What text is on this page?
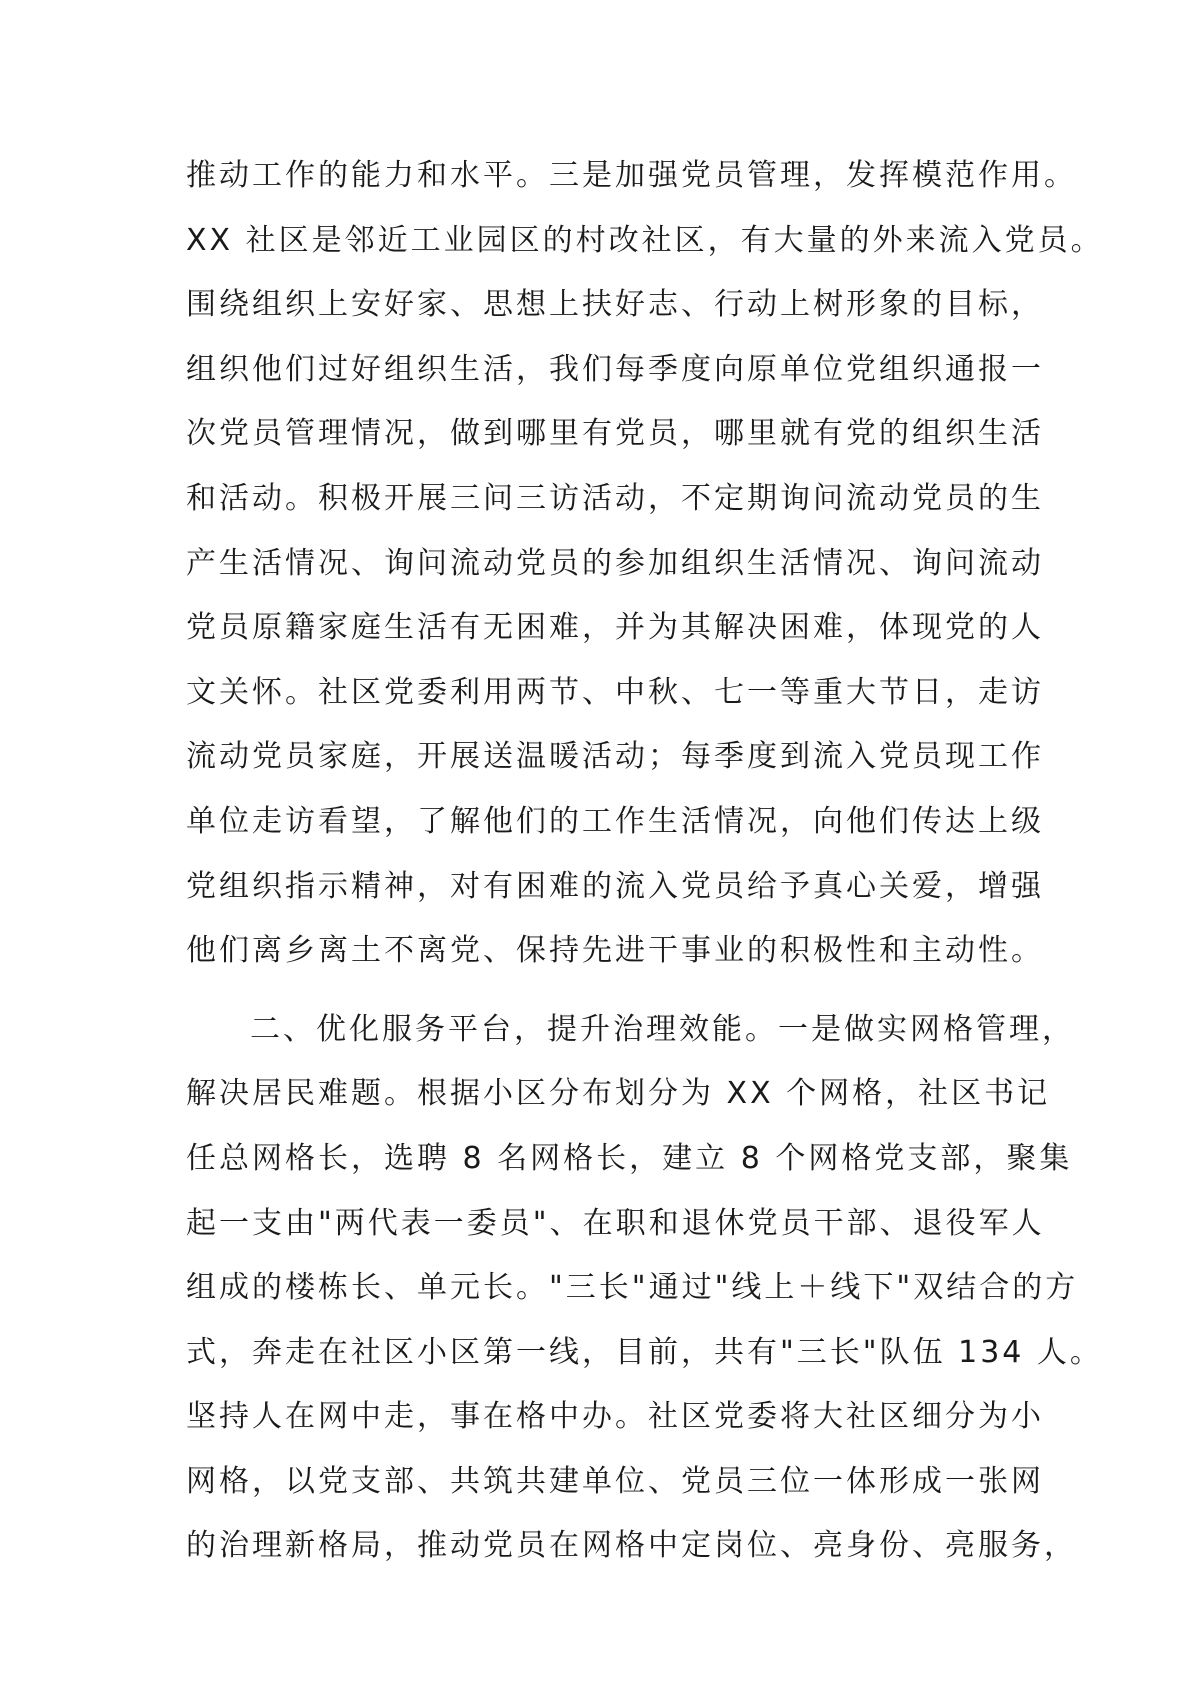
推动工作的能力和水平。三是加强党员管理，发挥模范作用。
XX 社区是邻近工业园区的村改社区，有大量的外来流入党员。
围绕组织上安好家、思想上扶好志、行动上树形象的目标，
组织他们过好组织生活，我们每季度向原单位党组织通报一
次党员管理情况，做到哪里有党员，哪里就有党的组织生活
和活动。积极开展三问三访活动，不定期询问流动党员的生
产生活情况、询问流动党员的参加组织生活情况、询问流动
党员原籍家庭生活有无困难，并为其解决困难，体现党的人
文关怀。社区党委利用两节、中秋、七一等重大节日，走访
流动党员家庭，开展送温暖活动；每季度到流入党员现工作
单位走访看望，了解他们的工作生活情况，向他们传达上级
党组织指示精神，对有困难的流入党员给予真心关爱，增强
他们离乡离土不离党、保持先进干事业的积极性和主动性。
二、优化服务平台，提升治理效能。一是做实网格管理，
解决居民难题。根据小区分布划分为 XX 个网格，社区书记
任总网格长，选聘 8 名网格长，建立 8 个网格党支部，聚集
起一支由"两代表一委员"、在职和退休党员干部、退役军人
组成的楼栋长、单元长。"三长"通过"线上＋线下"双结合的方
式，奔走在社区小区第一线，目前，共有"三长"队伍 134 人。
坚持人在网中走，事在格中办。社区党委将大社区细分为小
网格，以党支部、共筑共建单位、党员三位一体形成一张网
的治理新格局，推动党员在网格中定岗位、亮身份、亮服务，
